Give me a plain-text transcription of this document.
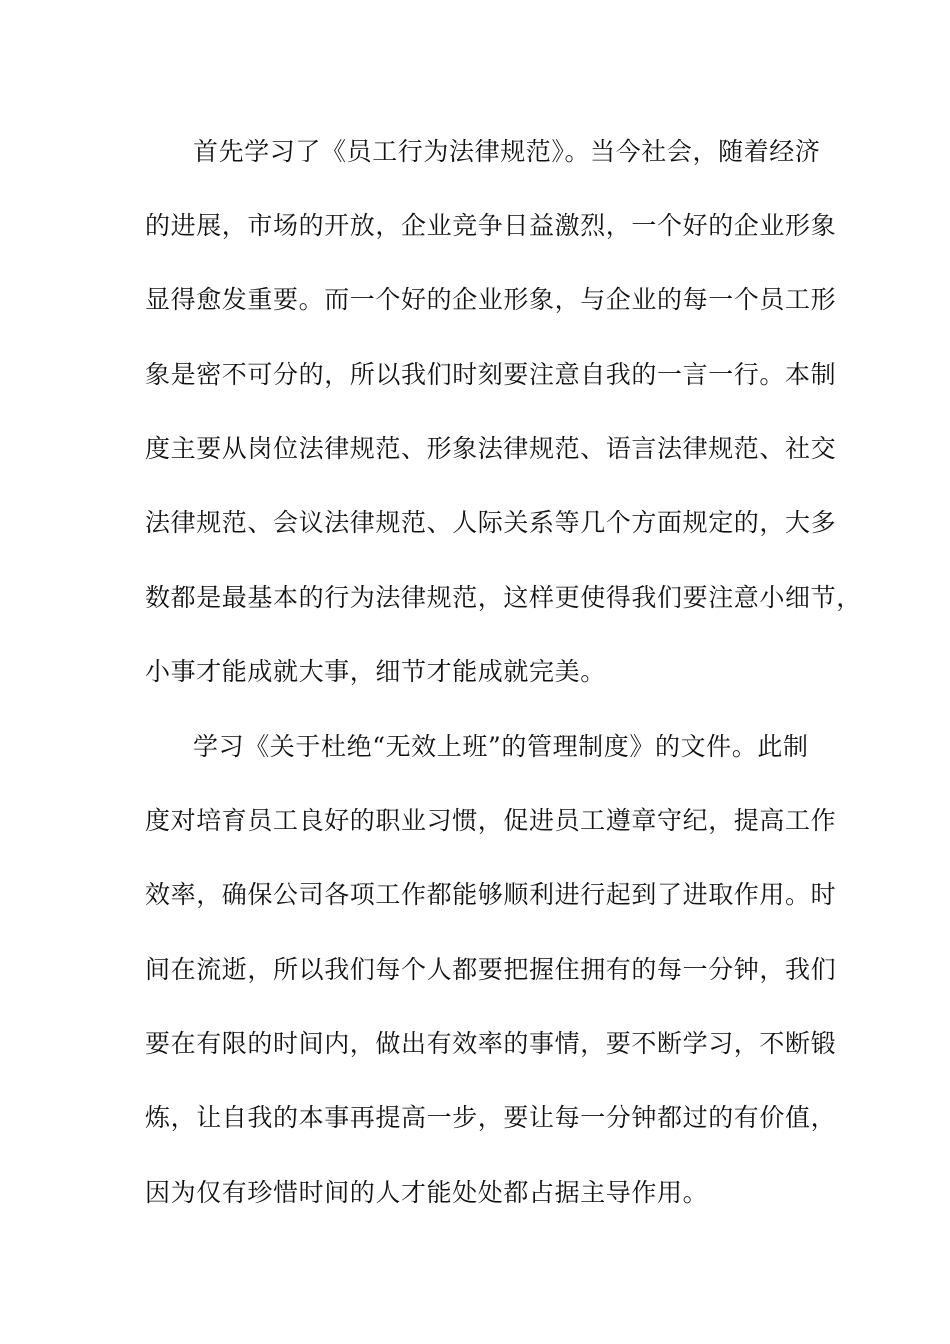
首先学习了《员工行为法律规范》。当今社会，随着经济
的进展，市场的开放，企业竞争日益激烈，一个好的企业形象
显得愈发重要。而一个好的企业形象，与企业的每一个员工形
象是密不可分的，所以我们时刻要注意自我的一言一行。本制
度主要从岗位法律规范、形象法律规范、语言法律规范、社交
法律规范、会议法律规范、人际关系等几个方面规定的，大多
数都是最基本的行为法律规范，这样更使得我们要注意小细节，
小事才能成就大事，细节才能成就完美。
学习《关于杜绝“无效上班”的管理制度》的文件。此制
度对培育员工良好的职业习惯，促进员工遵章守纪，提高工作
效率，确保公司各项工作都能够顺利进行起到了进取作用。时
间在流逝，所以我们每个人都要把握住拥有的每一分钟，我们
要在有限的时间内，做出有效率的事情，要不断学习，不断锻
炼，让自我的本事再提高一步，要让每一分钟都过的有价值，
因为仅有珍惜时间的人才能处处都占据主导作用。
